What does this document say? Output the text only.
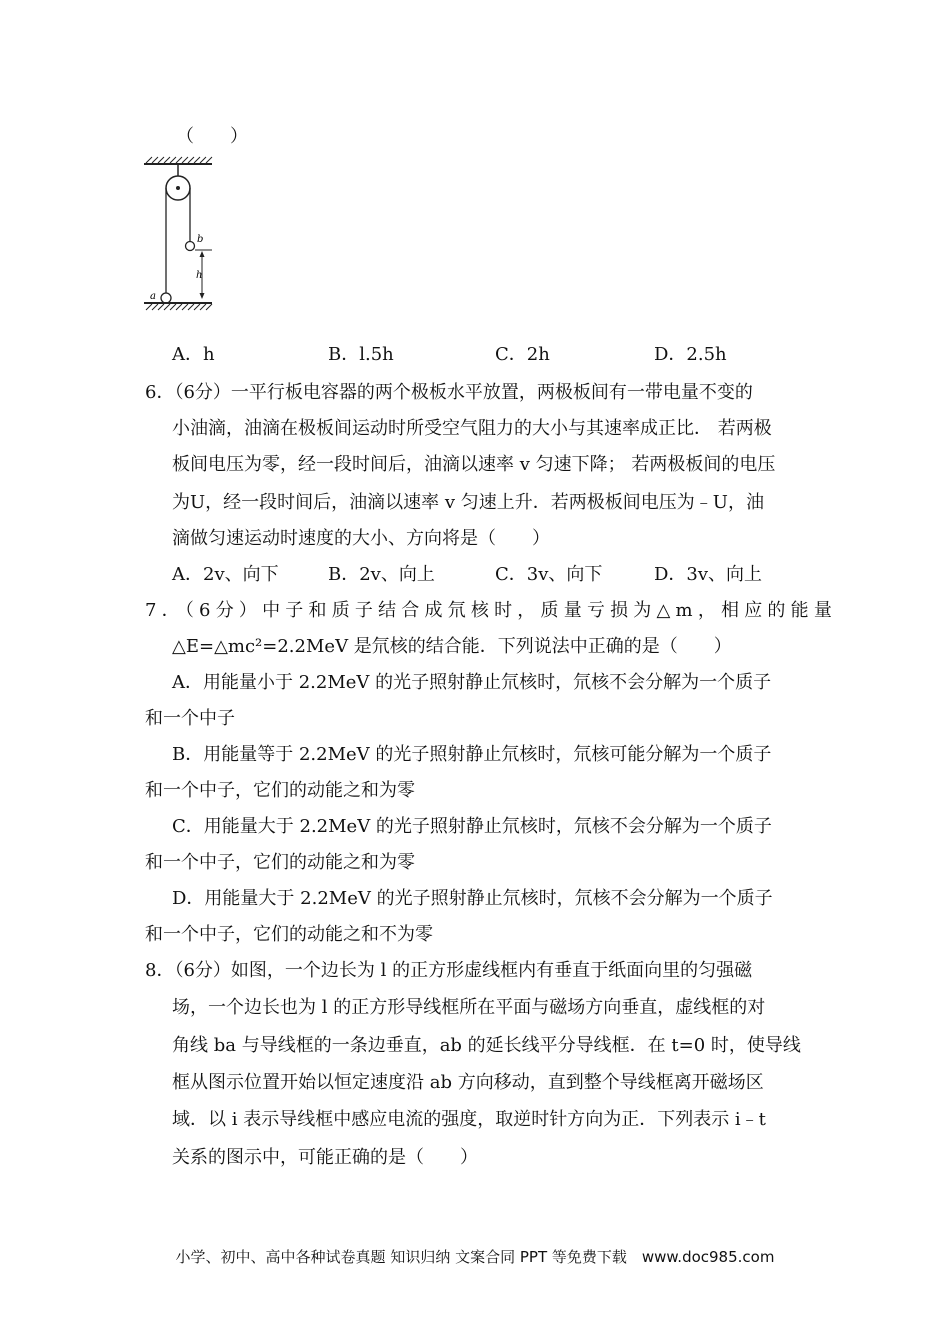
（　　）
b
h
a
A．h	B．l.5h	C．2h	D．2.5h
6．（6分）一平行板电容器的两个极板水平放置，两极板间有一带电量不变的
小油滴，油滴在极板间运动时所受空气阻力的大小与其速率成正比． 若两极
板间电压为零，经一段时间后，油滴以速率 v 匀速下降； 若两极板间的电压
为U，经一段时间后，油滴以速率 v 匀速上升．若两极板间电压为﹣U，油
滴做匀速运动时速度的大小、方向将是（　　）
A．2v、向下	B．2v、向上	C．3v、向下	D．3v、向上
7．（6分）中子和质子结合成氘核时，质量亏损为△m，相应的能量
△E=△mc²=2.2MeV 是氘核的结合能．下列说法中正确的是（　　）
A．用能量小于 2.2MeV 的光子照射静止氘核时，氘核不会分解为一个质子
和一个中子
B．用能量等于 2.2MeV 的光子照射静止氘核时，氘核可能分解为一个质子
和一个中子，它们的动能之和为零
C．用能量大于 2.2MeV 的光子照射静止氘核时，氘核不会分解为一个质子
和一个中子，它们的动能之和为零
D．用能量大于 2.2MeV 的光子照射静止氘核时，氘核不会分解为一个质子
和一个中子，它们的动能之和不为零
8．（6分）如图，一个边长为 l 的正方形虚线框内有垂直于纸面向里的匀强磁
场，一个边长也为 l 的正方形导线框所在平面与磁场方向垂直，虚线框的对
角线 ba 与导线框的一条边垂直，ab 的延长线平分导线框．在 t=0 时，使导线
框从图示位置开始以恒定速度沿 ab 方向移动，直到整个导线框离开磁场区
域．以 i 表示导线框中感应电流的强度，取逆时针方向为正．下列表示 i﹣t
关系的图示中，可能正确的是（　　）
小学、初中、高中各种试卷真题 知识归纳 文案合同 PPT 等免费下载　www.doc985.com
